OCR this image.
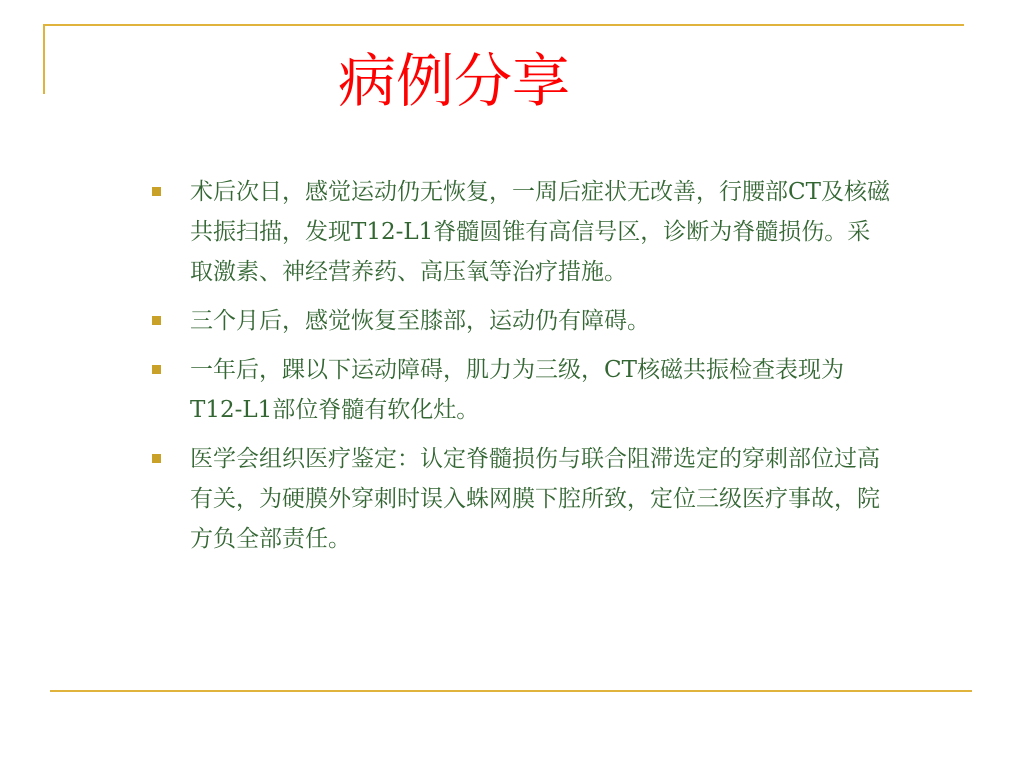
病例分享
术后次日，感觉运动仍无恢复，一周后症状无改善，行腰部CT及核磁共振扫描，发现T12-L1脊髓圆锥有高信号区，诊断为脊髓损伤。采取激素、神经营养药、高压氧等治疗措施。
三个月后，感觉恢复至膝部，运动仍有障碍。
一年后，踝以下运动障碍，肌力为三级，CT核磁共振检查表现为T12-L1部位脊髓有软化灶。
医学会组织医疗鉴定：认定脊髓损伤与联合阻滞选定的穿刺部位过高有关，为硬膜外穿刺时误入蛛网膜下腔所致，定位三级医疗事故，院方负全部责任。
